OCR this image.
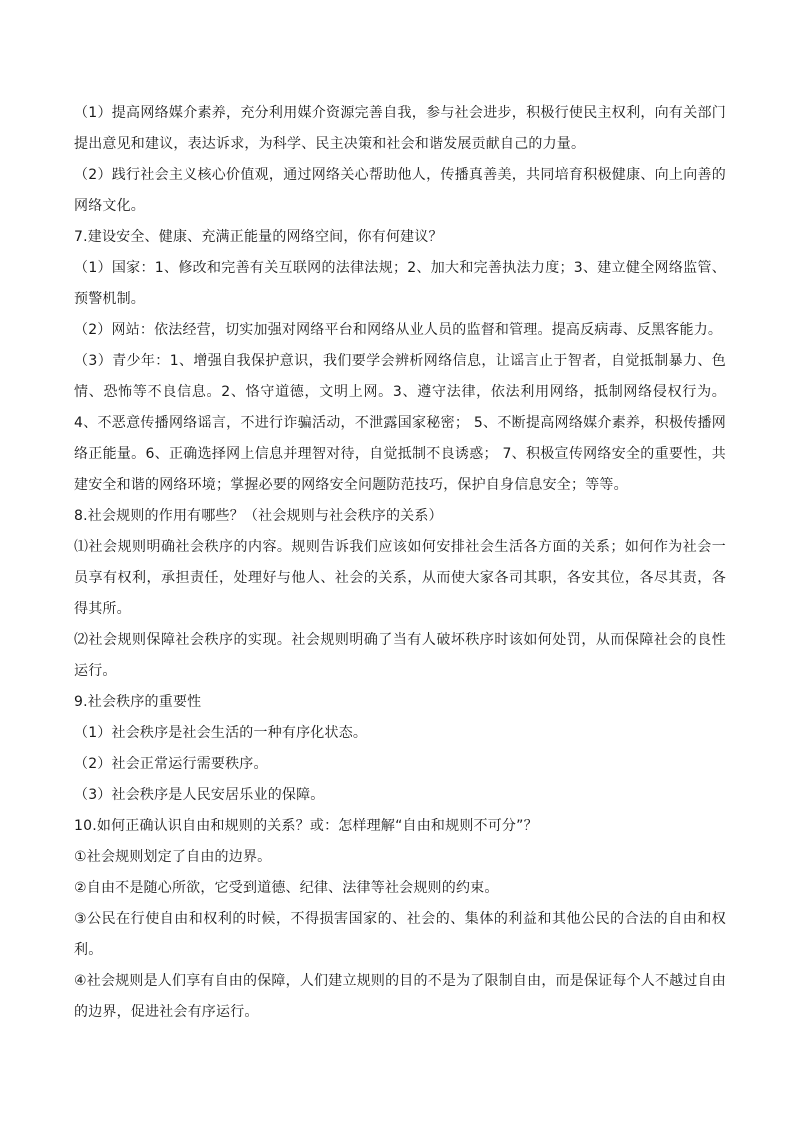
（1）提高网络媒介素养，充分利用媒介资源完善自我，参与社会进步，积极行使民主权利，向有关部门提出意见和建议，表达诉求，为科学、民主决策和社会和谐发展贡献自己的力量。

（2）践行社会主义核心价值观，通过网络关心帮助他人，传播真善美，共同培育积极健康、向上向善的网络文化。

7.建设安全、健康、充满正能量的网络空间，你有何建议？

（1）国家：1、修改和完善有关互联网的法律法规；2、加大和完善执法力度；3、建立健全网络监管、预警机制。

（2）网站：依法经营，切实加强对网络平台和网络从业人员的监督和管理。提高反病毒、反黑客能力。

（3）青少年：1、增强自我保护意识，我们要学会辨析网络信息，让谣言止于智者，自觉抵制暴力、色情、恐怖等不良信息。2、恪守道德，文明上网。3、遵守法律，依法利用网络，抵制网络侵权行为。4、不恶意传播网络谣言，不进行诈骗活动，不泄露国家秘密； 5、不断提高网络媒介素养，积极传播网络正能量。6、正确选择网上信息并理智对待，自觉抵制不良诱惑； 7、积极宣传网络安全的重要性，共建安全和谐的网络环境；掌握必要的网络安全问题防范技巧，保护自身信息安全；等等。

8.社会规则的作用有哪些？（社会规则与社会秩序的关系）

⑴社会规则明确社会秩序的内容。规则告诉我们应该如何安排社会生活各方面的关系；如何作为社会一员享有权利，承担责任，处理好与他人、社会的关系，从而使大家各司其职，各安其位，各尽其责，各得其所。

⑵社会规则保障社会秩序的实现。社会规则明确了当有人破坏秩序时该如何处罚，从而保障社会的良性运行。

9.社会秩序的重要性

（1）社会秩序是社会生活的一种有序化状态。

（2）社会正常运行需要秩序。

（3）社会秩序是人民安居乐业的保障。

10.如何正确认识自由和规则的关系？或：怎样理解“自由和规则不可分”？

①社会规则划定了自由的边界。

②自由不是随心所欲，它受到道德、纪律、法律等社会规则的约束。

③公民在行使自由和权利的时候，不得损害国家的、社会的、集体的利益和其他公民的合法的自由和权利。

④社会规则是人们享有自由的保障，人们建立规则的目的不是为了限制自由，而是保证每个人不越过自由的边界，促进社会有序运行。
